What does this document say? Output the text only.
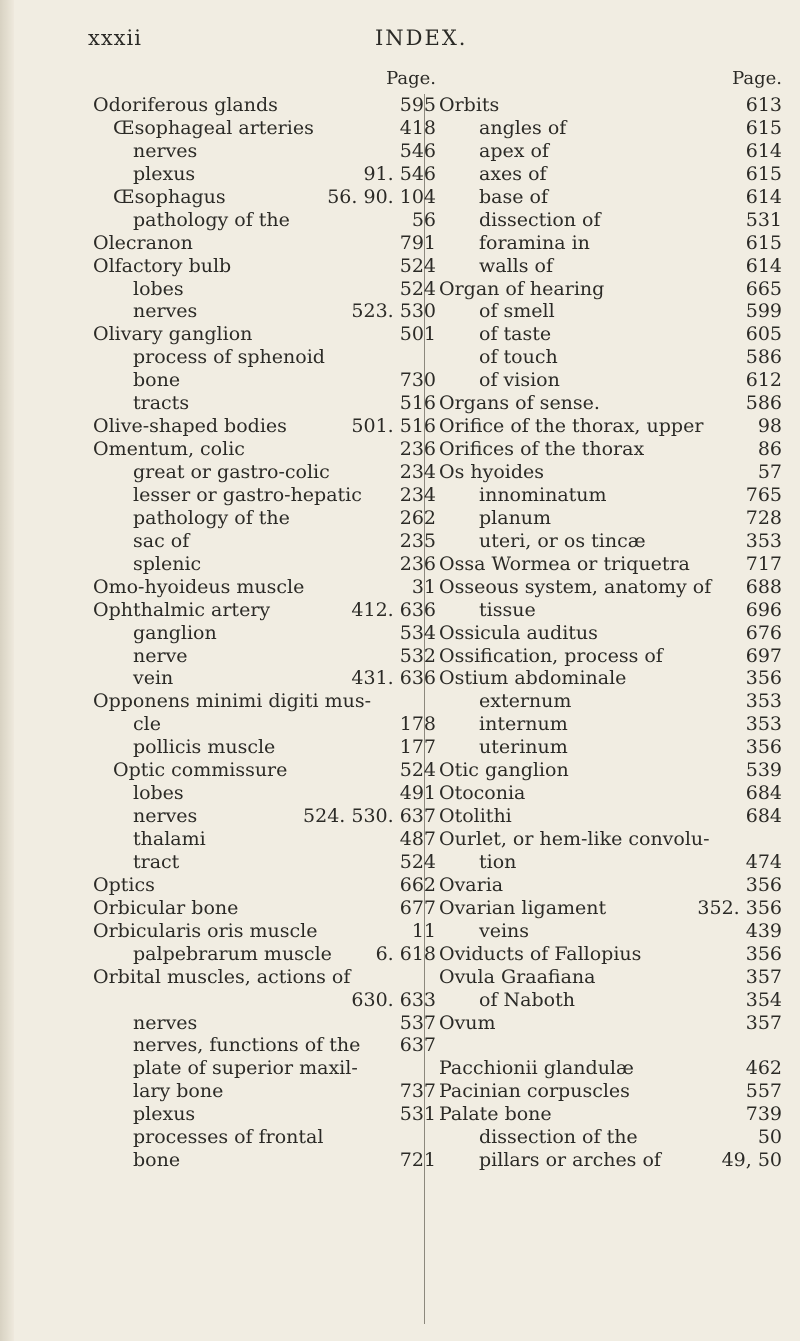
xxxii	INDEX.
Page.	Page.
Odoriferous glands	595
Œsophageal arteries	418
nerves	546
plexus	91. 546
Œsophagus	56. 90. 104
pathology of the	56
Olecranon	791
Olfactory bulb	524
lobes	524
nerves	523. 530
Olivary ganglion	501
process of sphenoid
bone	730
tracts	516
Olive-shaped bodies	501. 516
Omentum, colic	236
great or gastro-colic	234
lesser or gastro-hepatic 234
pathology of the	262
sac of	235
splenic	236
Omo-hyoideus muscle	31
Ophthalmic artery	412. 636
ganglion	534
nerve	532
vein	431. 636
Opponens minimi digiti mus-
cle	178
pollicis muscle	177
Optic commissure	524
lobes	491
nerves	524. 530. 637
thalami	487
tract	524
Optics	662
Orbicular bone	677
Orbicularis oris muscle	11
palpebrarum muscle 6. 618
Orbital muscles, actions of
630. 633
nerves	537
nerves, functions of the 637
plate of superior maxil-
lary bone	737
plexus	531
processes of frontal
bone	721
Orbits	613
angles of	615
apex of	614
axes of	615
base of	614
dissection of	531
foramina in	615
walls of	614
Organ of hearing	665
of smell	599
of taste	605
of touch	586
of vision	612
Organs of sense.	586
Orifice of the thorax, upper	98
Orifices of the thorax	86
Os hyoides	57
innominatum	765
planum	728
uteri, or os tincæ	353
Ossa Wormea or triquetra	717
Osseous system, anatomy of 688
tissue	696
Ossicula auditus	676
Ossification, process of	697
Ostium abdominale	356
externum	353
internum	353
uterinum	356
Otic ganglion	539
Otoconia	684
Otolithi	684
Ourlet, or hem-like convolu-
tion	474
Ovaria	356
Ovarian ligament	352. 356
veins	439
Oviducts of Fallopius	356
Ovula Graafiana	357
of Naboth	354
Ovum	357
Pacchionii glandulæ	462
Pacinian corpuscles	557
Palate bone	739
dissection of the	50
pillars or arches of	49, 50
